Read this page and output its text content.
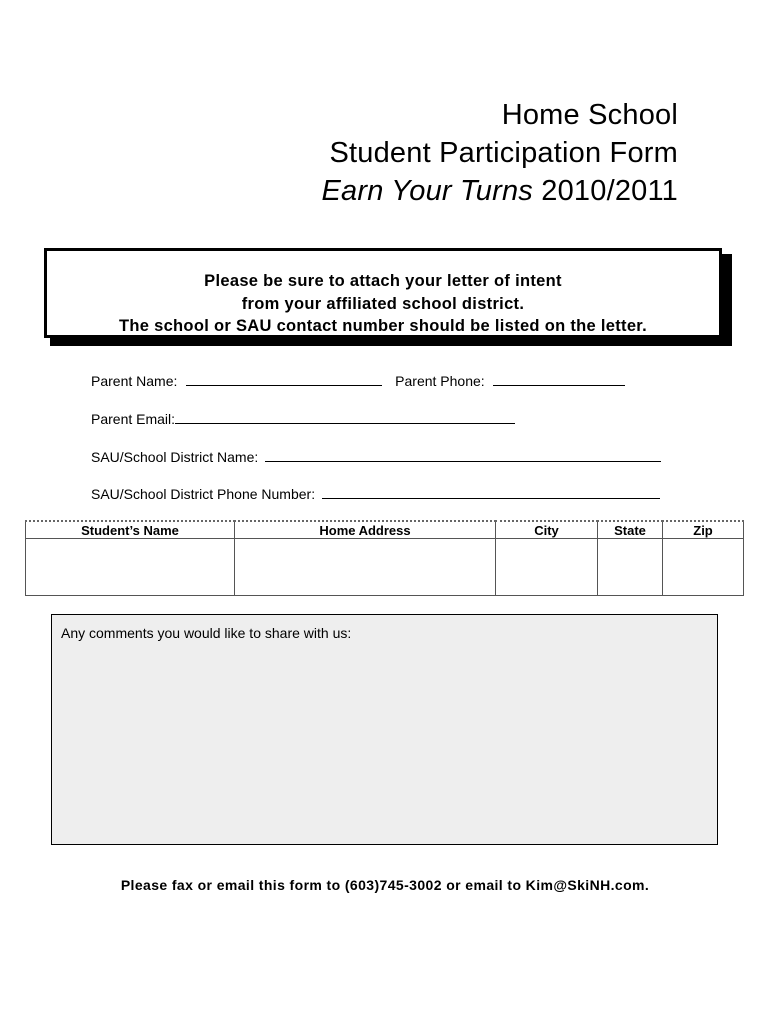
Home School
Student Participation Form
Earn Your Turns 2010/2011
Please be sure to attach your letter of intent
from your affiliated school district.
The school or SAU contact number should be listed on the letter.
Parent Name:	Parent Phone:
Parent Email:
SAU/School District Name:
SAU/School District Phone Number:
Student’s Name	Home Address	City	State	Zip

Any comments you would like to share with us:
Please fax or email this form to (603)745-3002 or email to Kim@SkiNH.com.
